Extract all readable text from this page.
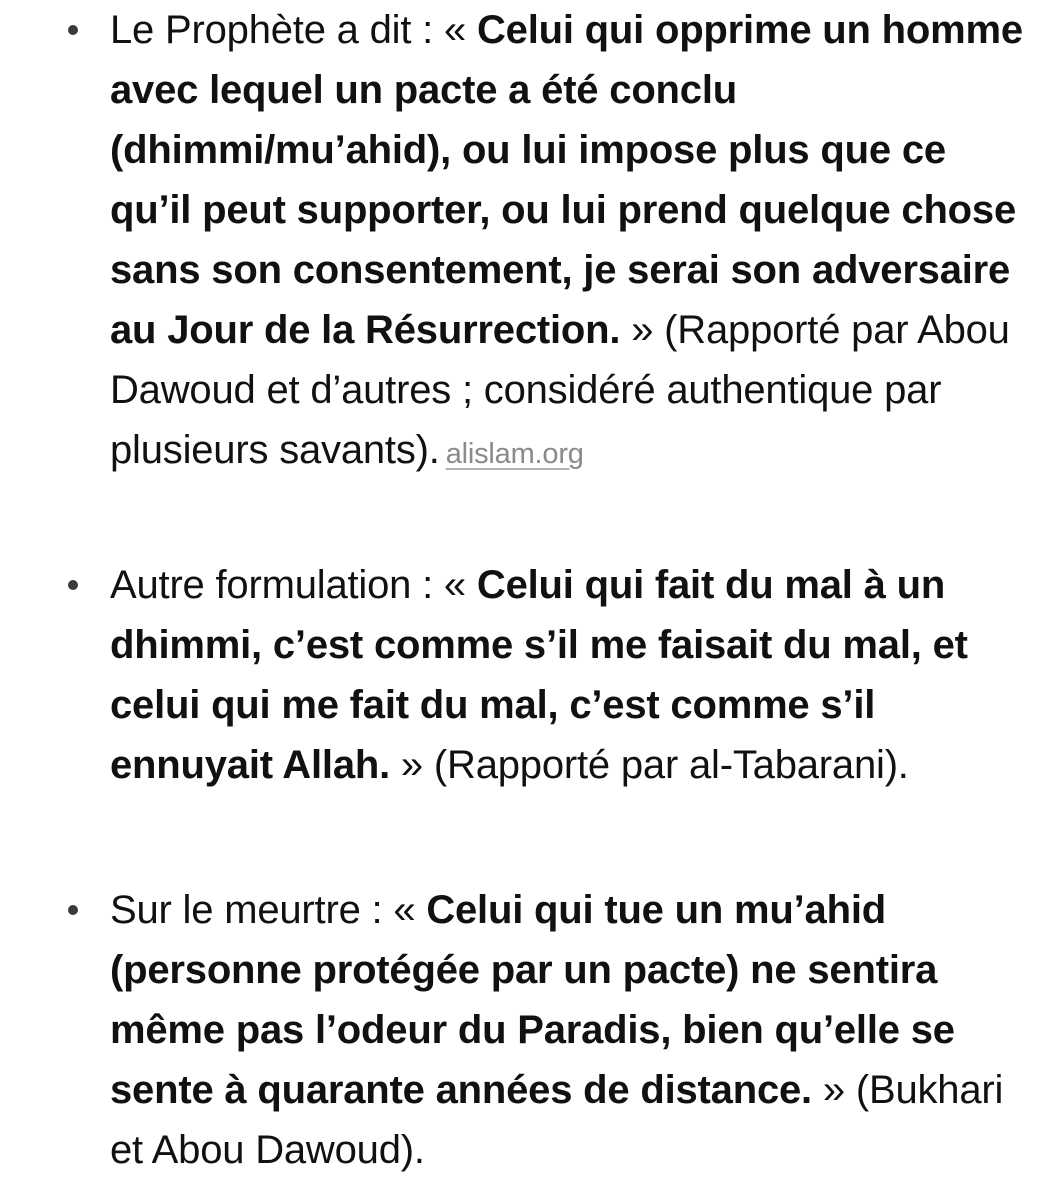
Le Prophète a dit : « Celui qui opprime un homme avec lequel un pacte a été conclu (dhimmi/mu’ahid), ou lui impose plus que ce qu’il peut supporter, ou lui prend quelque chose sans son consentement, je serai son adversaire au Jour de la Résurrection. » (Rapporté par Abou Dawoud et d’autres ; considéré authentique par plusieurs savants). alislam.org

Autre formulation : « Celui qui fait du mal à un dhimmi, c’est comme s’il me faisait du mal, et celui qui me fait du mal, c’est comme s’il ennuyait Allah. » (Rapporté par al-Tabarani).

Sur le meurtre : « Celui qui tue un mu’ahid (personne protégée par un pacte) ne sentira même pas l’odeur du Paradis, bien qu’elle se sente à quarante années de distance. » (Bukhari et Abou Dawoud).
